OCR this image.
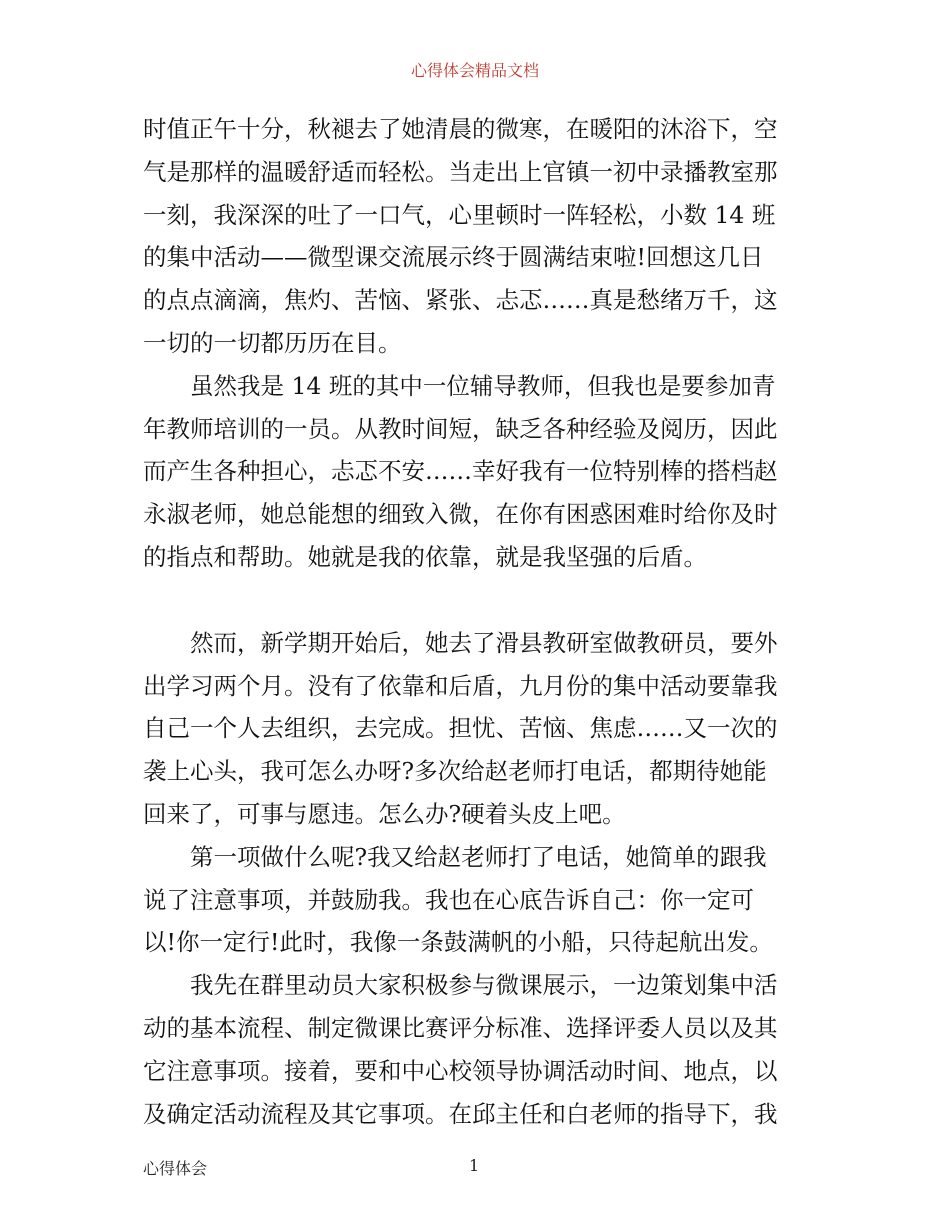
心得体会精品文档
时值正午十分，秋褪去了她清晨的微寒，在暖阳的沐浴下，空
气是那样的温暖舒适而轻松。当走出上官镇一初中录播教室那
一刻，我深深的吐了一口气，心里顿时一阵轻松，小数 14 班
的集中活动——微型课交流展示终于圆满结束啦!回想这几日
的点点滴滴，焦灼、苦恼、紧张、忐忑……真是愁绪万千，这
一切的一切都历历在目。
虽然我是 14 班的其中一位辅导教师，但我也是要参加青
年教师培训的一员。从教时间短，缺乏各种经验及阅历，因此
而产生各种担心，忐忑不安……幸好我有一位特别棒的搭档赵
永淑老师，她总能想的细致入微，在你有困惑困难时给你及时
的指点和帮助。她就是我的依靠，就是我坚强的后盾。
然而，新学期开始后，她去了滑县教研室做教研员，要外
出学习两个月。没有了依靠和后盾，九月份的集中活动要靠我
自己一个人去组织，去完成。担忧、苦恼、焦虑……又一次的
袭上心头，我可怎么办呀?多次给赵老师打电话，都期待她能
回来了，可事与愿违。怎么办?硬着头皮上吧。
第一项做什么呢?我又给赵老师打了电话，她简单的跟我
说了注意事项，并鼓励我。我也在心底告诉自己：你一定可
以!你一定行!此时，我像一条鼓满帆的小船，只待起航出发。
我先在群里动员大家积极参与微课展示，一边策划集中活
动的基本流程、制定微课比赛评分标准、选择评委人员以及其
它注意事项。接着，要和中心校领导协调活动时间、地点，以
及确定活动流程及其它事项。在邱主任和白老师的指导下，我
心得体会	1
